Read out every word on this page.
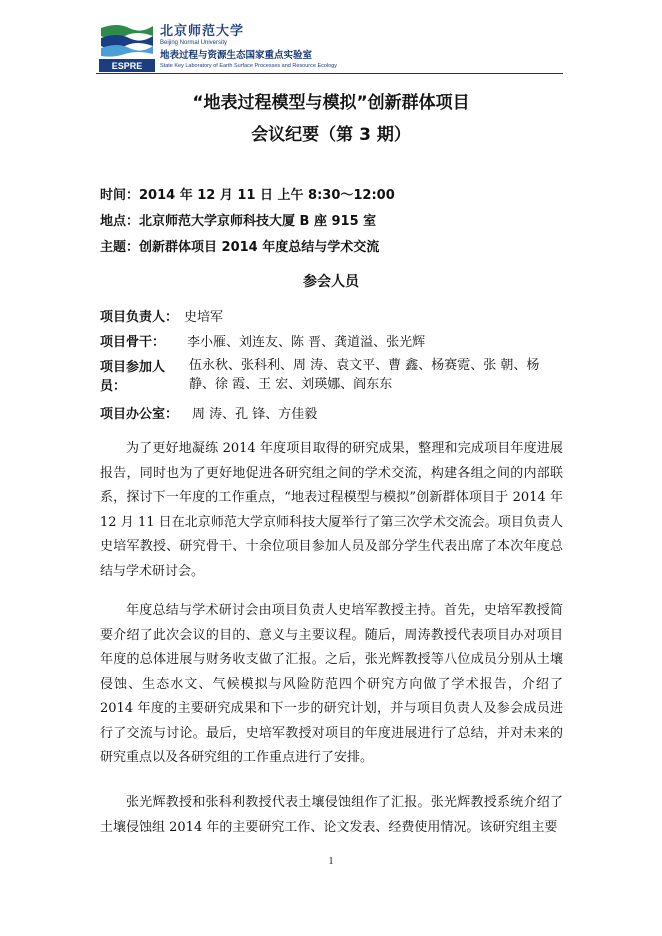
ESPRE
北京师范大学
Beijing Normal University
地表过程与资源生态国家重点实验室
State Key Laboratory of Earth Surface Processes and Resource Ecology
“地表过程模型与模拟”创新群体项目
会议纪要（第 3 期）
时间：2014 年 12 月 11 日 上午 8:30～12:00
地点：北京师范大学京师科技大厦 B 座 915 室
主题：创新群体项目 2014 年度总结与学术交流
参会人员
项目负责人： 史培军
项目骨干： 李小雁、刘连友、陈 晋、龚道溢、张光辉
项目参加人员：伍永秋、张科利、周 涛、袁文平、曹 鑫、杨赛霓、张 朝、杨 静、徐 霞、王 宏、刘瑛娜、阎东东
项目办公室： 周 涛、孔 锋、方佳毅
为了更好地凝练 2014 年度项目取得的研究成果，整理和完成项目年度进展报告，同时也为了更好地促进各研究组之间的学术交流，构建各组之间的内部联系，探讨下一年度的工作重点，“地表过程模型与模拟”创新群体项目于 2014 年 12 月 11 日在北京师范大学京师科技大厦举行了第三次学术交流会。项目负责人史培军教授、研究骨干、十余位项目参加人员及部分学生代表出席了本次年度总结与学术研讨会。
年度总结与学术研讨会由项目负责人史培军教授主持。首先，史培军教授简要介绍了此次会议的目的、意义与主要议程。随后，周涛教授代表项目办对项目年度的总体进展与财务收支做了汇报。之后，张光辉教授等八位成员分别从土壤侵蚀、生态水文、气候模拟与风险防范四个研究方向做了学术报告，介绍了 2014 年度的主要研究成果和下一步的研究计划，并与项目负责人及参会成员进行了交流与讨论。最后，史培军教授对项目的年度进展进行了总结，并对未来的研究重点以及各研究组的工作重点进行了安排。
张光辉教授和张科利教授代表土壤侵蚀组作了汇报。张光辉教授系统介绍了土壤侵蚀组 2014 年的主要研究工作、论文发表、经费使用情况。该研究组主要
1
